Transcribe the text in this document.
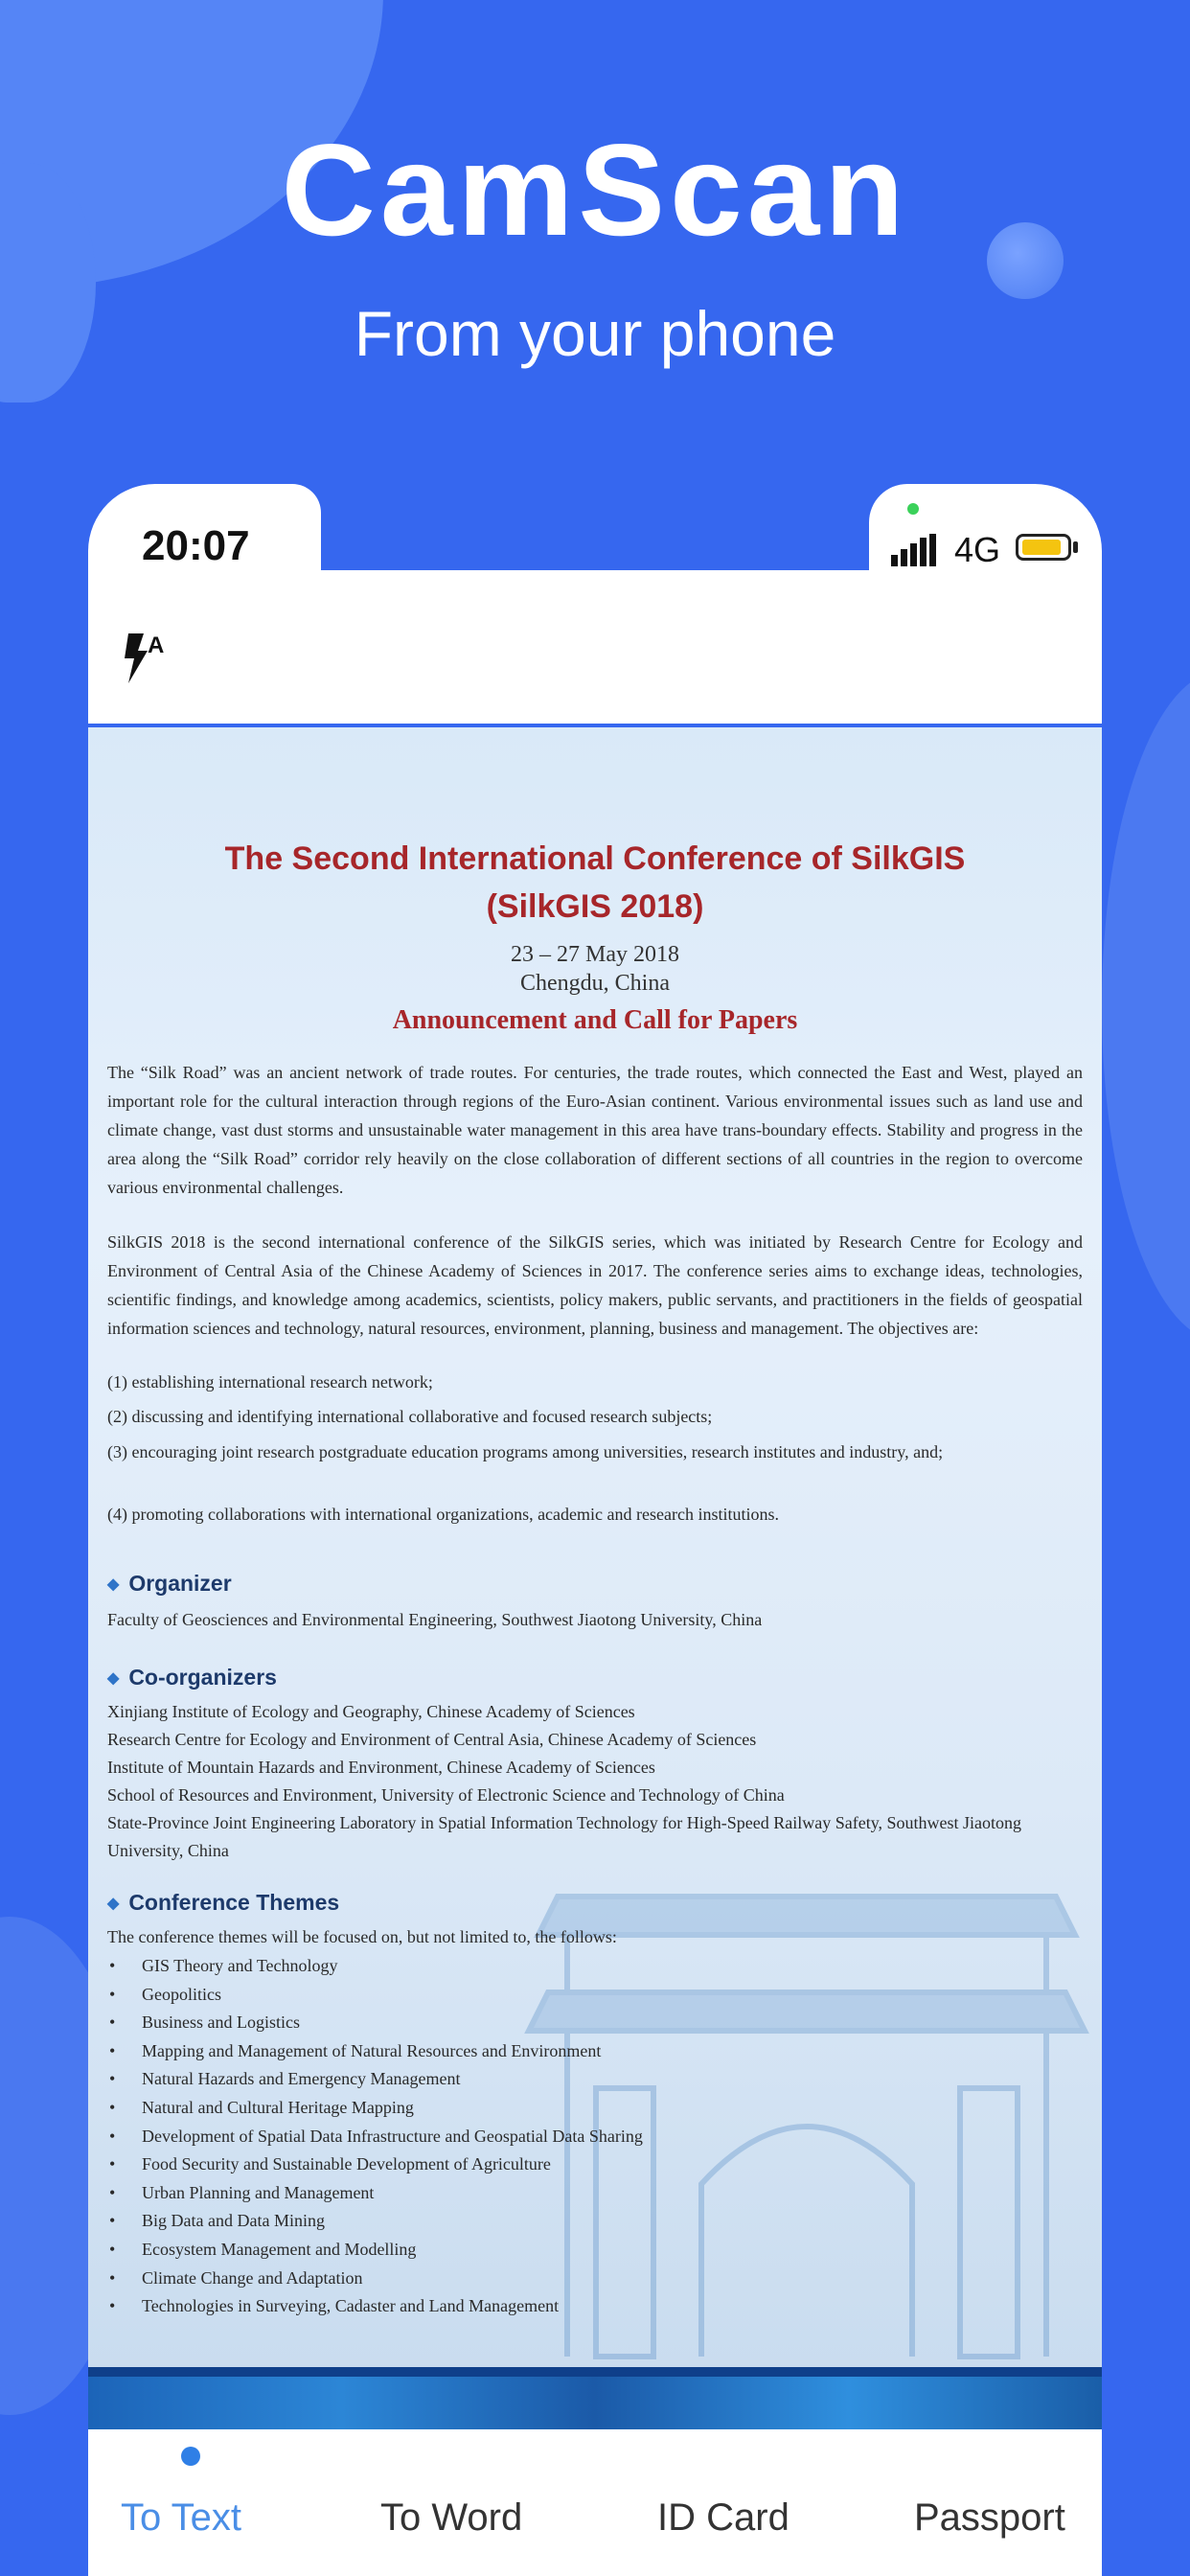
CamScan
From your phone
20:07	4G
A
The Second International Conference of SilkGIS
(SilkGIS 2018)
23 – 27 May 2018
Chengdu, China
Announcement and Call for Papers
The “Silk Road” was an ancient network of trade routes. For centuries, the trade routes, which connected the East and West, played an important role for the cultural interaction through regions of the Euro-Asian continent. Various environmental issues such as land use and climate change, vast dust storms and unsustainable water management in this area have trans-boundary effects. Stability and progress in the area along the “Silk Road” corridor rely heavily on the close collaboration of different sections of all countries in the region to overcome various environmental challenges.
SilkGIS 2018 is the second international conference of the SilkGIS series, which was initiated by Research Centre for Ecology and Environment of Central Asia of the Chinese Academy of Sciences in 2017. The conference series aims to exchange ideas, technologies, scientific findings, and knowledge among academics, scientists, policy makers, public servants, and practitioners in the fields of geospatial information sciences and technology, natural resources, environment, planning, business and management. The objectives are:
(1) establishing international research network;
(2) discussing and identifying international collaborative and focused research subjects;
(3) encouraging joint research postgraduate education programs among universities, research institutes and industry, and;
(4) promoting collaborations with international organizations, academic and research institutions.
◆ Organizer
Faculty of Geosciences and Environmental Engineering, Southwest Jiaotong University, China
◆ Co-organizers
Xinjiang Institute of Ecology and Geography, Chinese Academy of Sciences
Research Centre for Ecology and Environment of Central Asia, Chinese Academy of Sciences
Institute of Mountain Hazards and Environment, Chinese Academy of Sciences
School of Resources and Environment, University of Electronic Science and Technology of China
State-Province Joint Engineering Laboratory in Spatial Information Technology for High-Speed Railway Safety, Southwest Jiaotong University, China
◆ Conference Themes
The conference themes will be focused on, but not limited to, the follows:
• GIS Theory and Technology
• Geopolitics
• Business and Logistics
• Mapping and Management of Natural Resources and Environment
• Natural Hazards and Emergency Management
• Natural and Cultural Heritage Mapping
• Development of Spatial Data Infrastructure and Geospatial Data Sharing
• Food Security and Sustainable Development of Agriculture
• Urban Planning and Management
• Big Data and Data Mining
• Ecosystem Management and Modelling
• Climate Change and Adaptation
• Technologies in Surveying, Cadaster and Land Management
To Text	To Word	ID Card	Passport
